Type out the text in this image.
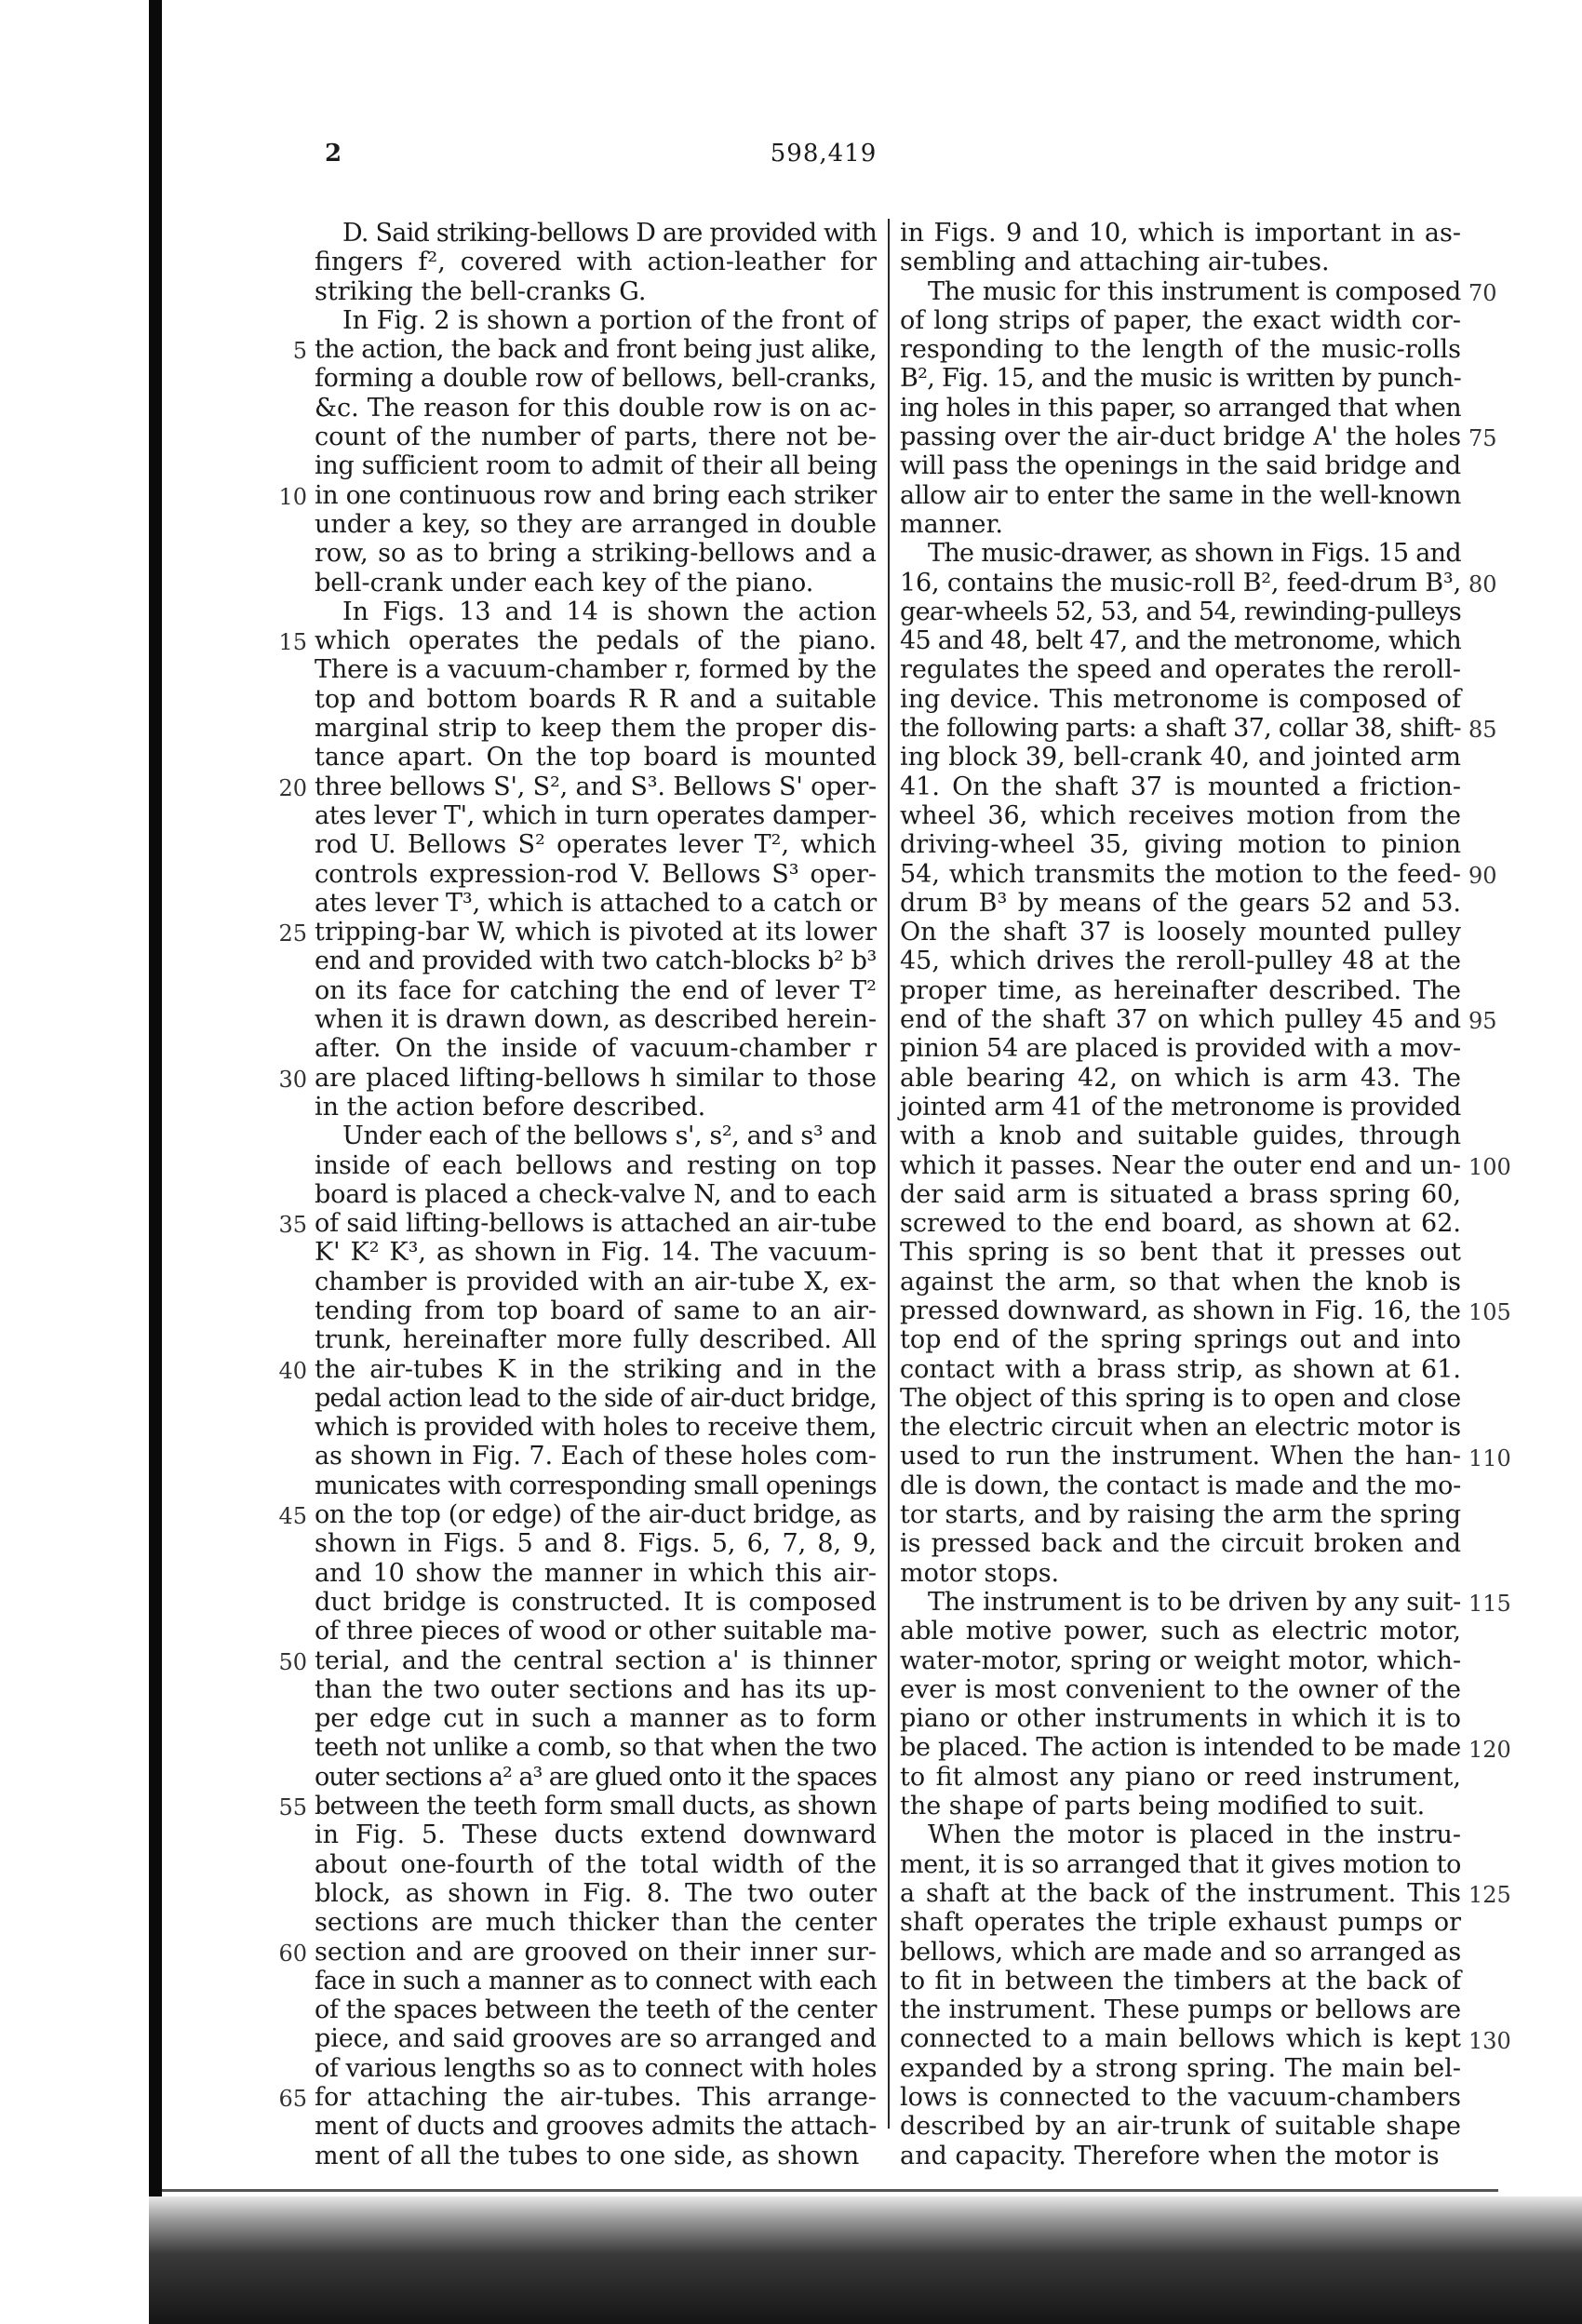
2	598,419
D. Said striking-bellows D are provided with
fingers f², covered with action-leather for
striking the bell-cranks G.
In Fig. 2 is shown a portion of the front of
the action, the back and front being just alike,
forming a double row of bellows, bell-cranks,
&c. The reason for this double row is on ac-
count of the number of parts, there not be-
ing sufficient room to admit of their all being
in one continuous row and bring each striker
under a key, so they are arranged in double
row, so as to bring a striking-bellows and a
bell-crank under each key of the piano.
In Figs. 13 and 14 is shown the action
which operates the pedals of the piano.
There is a vacuum-chamber r, formed by the
top and bottom boards R R and a suitable
marginal strip to keep them the proper dis-
tance apart. On the top board is mounted
three bellows S', S², and S³. Bellows S' oper-
ates lever T', which in turn operates damper-
rod U. Bellows S² operates lever T², which
controls expression-rod V. Bellows S³ oper-
ates lever T³, which is attached to a catch or
tripping-bar W, which is pivoted at its lower
end and provided with two catch-blocks b² b³
on its face for catching the end of lever T²
when it is drawn down, as described herein-
after. On the inside of vacuum-chamber r
are placed lifting-bellows h similar to those
in the action before described.
Under each of the bellows s', s², and s³ and
inside of each bellows and resting on top
board is placed a check-valve N, and to each
of said lifting-bellows is attached an air-tube
K' K² K³, as shown in Fig. 14. The vacuum-
chamber is provided with an air-tube X, ex-
tending from top board of same to an air-
trunk, hereinafter more fully described. All
the air-tubes K in the striking and in the
pedal action lead to the side of air-duct bridge,
which is provided with holes to receive them,
as shown in Fig. 7. Each of these holes com-
municates with corresponding small openings
on the top (or edge) of the air-duct bridge, as
shown in Figs. 5 and 8. Figs. 5, 6, 7, 8, 9,
and 10 show the manner in which this air-
duct bridge is constructed. It is composed
of three pieces of wood or other suitable ma-
terial, and the central section a' is thinner
than the two outer sections and has its up-
per edge cut in such a manner as to form
teeth not unlike a comb, so that when the two
outer sections a² a³ are glued onto it the spaces
between the teeth form small ducts, as shown
in Fig. 5. These ducts extend downward
about one-fourth of the total width of the
block, as shown in Fig. 8. The two outer
sections are much thicker than the center
section and are grooved on their inner sur-
face in such a manner as to connect with each
of the spaces between the teeth of the center
piece, and said grooves are so arranged and
of various lengths so as to connect with holes
for attaching the air-tubes. This arrange-
ment of ducts and grooves admits the attach-
ment of all the tubes to one side, as shown
in Figs. 9 and 10, which is important in as-
sembling and attaching air-tubes.
The music for this instrument is composed
of long strips of paper, the exact width cor-
responding to the length of the music-rolls
B², Fig. 15, and the music is written by punch-
ing holes in this paper, so arranged that when
passing over the air-duct bridge A' the holes
will pass the openings in the said bridge and
allow air to enter the same in the well-known
manner.
The music-drawer, as shown in Figs. 15 and
16, contains the music-roll B², feed-drum B³,
gear-wheels 52, 53, and 54, rewinding-pulleys
45 and 48, belt 47, and the metronome, which
regulates the speed and operates the reroll-
ing device. This metronome is composed of
the following parts: a shaft 37, collar 38, shift-
ing block 39, bell-crank 40, and jointed arm
41. On the shaft 37 is mounted a friction-
wheel 36, which receives motion from the
driving-wheel 35, giving motion to pinion
54, which transmits the motion to the feed-
drum B³ by means of the gears 52 and 53.
On the shaft 37 is loosely mounted pulley
45, which drives the reroll-pulley 48 at the
proper time, as hereinafter described. The
end of the shaft 37 on which pulley 45 and
pinion 54 are placed is provided with a mov-
able bearing 42, on which is arm 43. The
jointed arm 41 of the metronome is provided
with a knob and suitable guides, through
which it passes. Near the outer end and un-
der said arm is situated a brass spring 60,
screwed to the end board, as shown at 62.
This spring is so bent that it presses out
against the arm, so that when the knob is
pressed downward, as shown in Fig. 16, the
top end of the spring springs out and into
contact with a brass strip, as shown at 61.
The object of this spring is to open and close
the electric circuit when an electric motor is
used to run the instrument. When the han-
dle is down, the contact is made and the mo-
tor starts, and by raising the arm the spring
is pressed back and the circuit broken and
motor stops.
The instrument is to be driven by any suit-
able motive power, such as electric motor,
water-motor, spring or weight motor, which-
ever is most convenient to the owner of the
piano or other instruments in which it is to
be placed. The action is intended to be made
to fit almost any piano or reed instrument,
the shape of parts being modified to suit.
When the motor is placed in the instru-
ment, it is so arranged that it gives motion to
a shaft at the back of the instrument. This
shaft operates the triple exhaust pumps or
bellows, which are made and so arranged as
to fit in between the timbers at the back of
the instrument. These pumps or bellows are
connected to a main bellows which is kept
expanded by a strong spring. The main bel-
lows is connected to the vacuum-chambers
described by an air-trunk of suitable shape
and capacity. Therefore when the motor is
5
10
15
20
25
30
35
40
45
50
55
60
65
70
75
80
85
90
95
100
105
110
115
120
125
130
